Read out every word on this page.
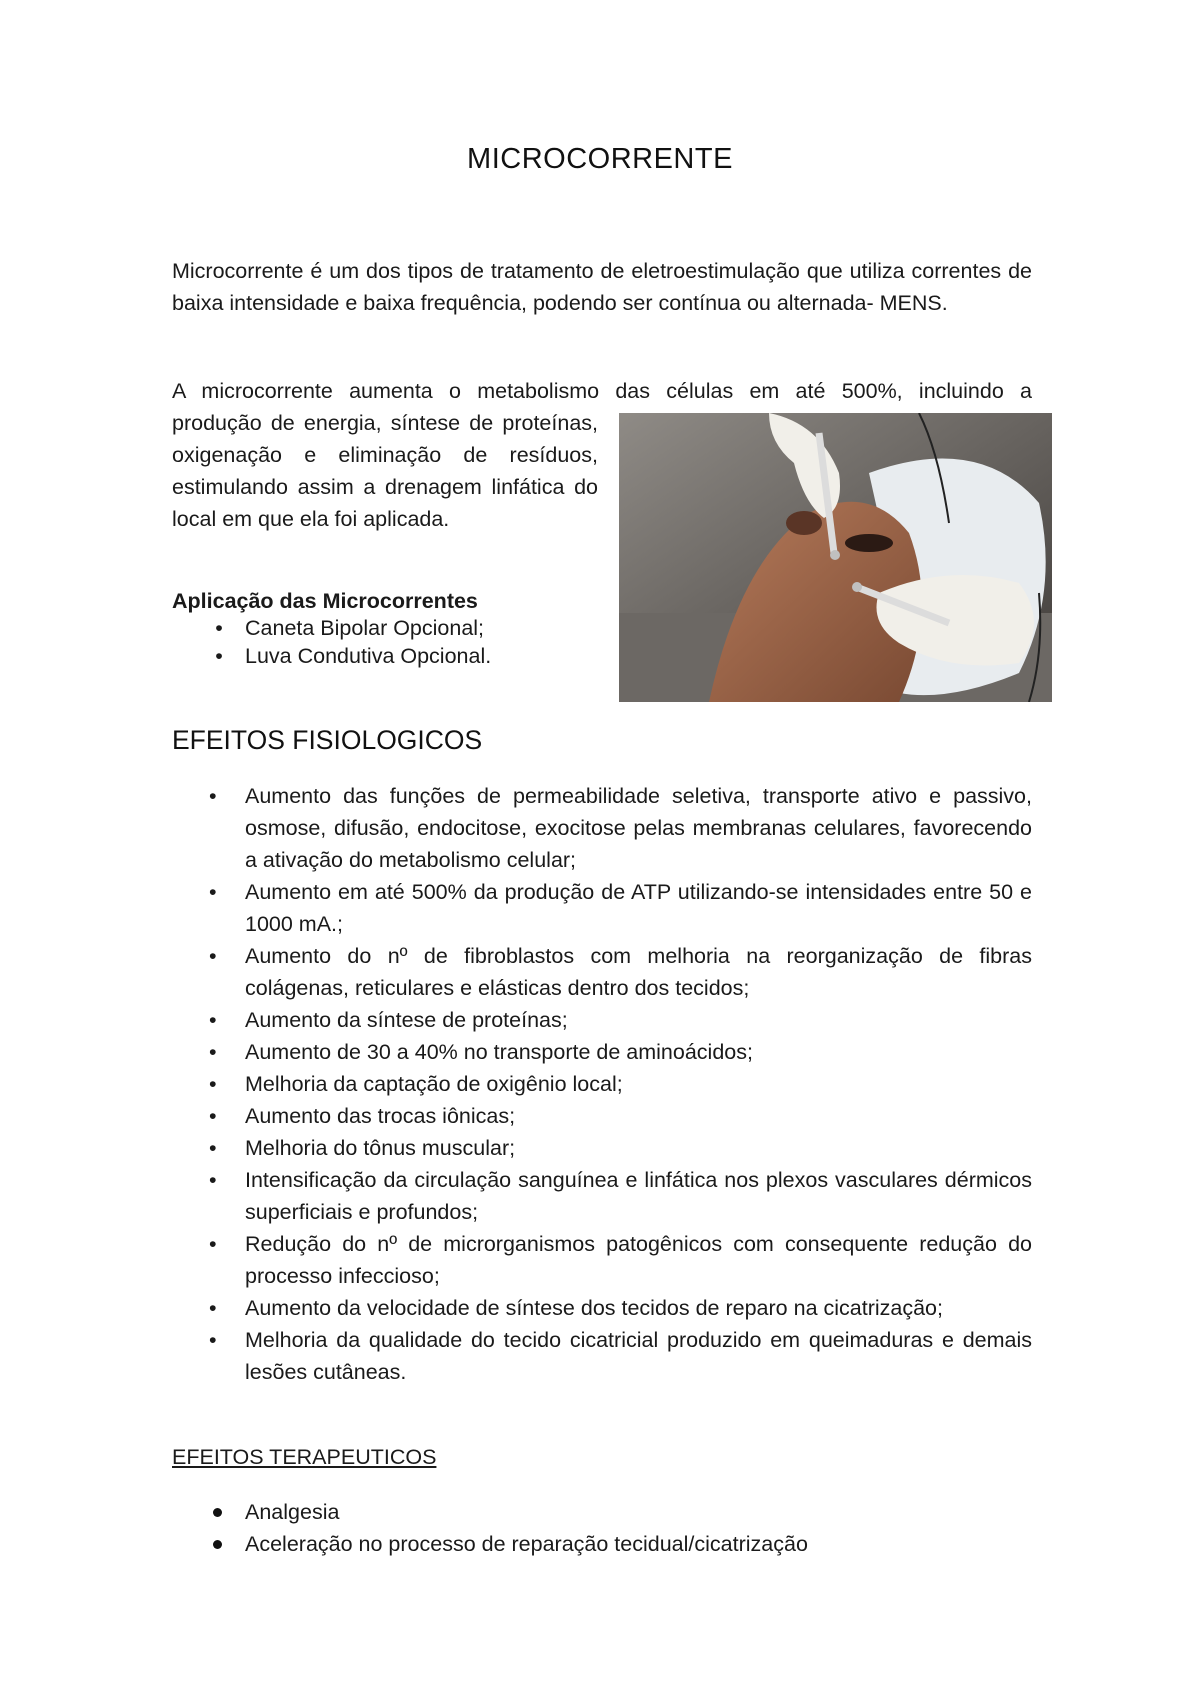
MICROCORRENTE
Microcorrente é um dos tipos de tratamento de eletroestimulação que utiliza correntes de baixa intensidade e baixa frequência, podendo ser contínua ou alternada- MENS.
A microcorrente aumenta o metabolismo das células em até 500%, incluindo a
produção de energia, síntese de proteínas, oxigenação e eliminação de resíduos, estimulando assim a drenagem linfática do local em que ela foi aplicada.
Aplicação das Microcorrentes
• Caneta Bipolar Opcional;
• Luva Condutiva Opcional.
EFEITOS FISIOLOGICOS
•	Aumento das funções de permeabilidade seletiva, transporte ativo e passivo, osmose, difusão, endocitose, exocitose pelas membranas celulares, favorecendo a ativação do metabolismo celular;
•	Aumento em até 500% da produção de ATP utilizando-se intensidades entre 50 e 1000 mA.;
•	Aumento do nº de fibroblastos com melhoria na reorganização de fibras colágenas, reticulares e elásticas dentro dos tecidos;
•	Aumento da síntese de proteínas;
•	Aumento de 30 a 40% no transporte de aminoácidos;
•	Melhoria da captação de oxigênio local;
•	Aumento das trocas iônicas;
•	Melhoria do tônus muscular;
•	Intensificação da circulação sanguínea e linfática nos plexos vasculares dérmicos superficiais e profundos;
•	Redução do nº de microrganismos patogênicos com consequente redução do processo infeccioso;
•	Aumento da velocidade de síntese dos tecidos de reparo na cicatrização;
•	Melhoria da qualidade do tecido cicatricial produzido em queimaduras e demais lesões cutâneas.
EFEITOS TERAPEUTICOS
Analgesia
Aceleração no processo de reparação tecidual/cicatrização
